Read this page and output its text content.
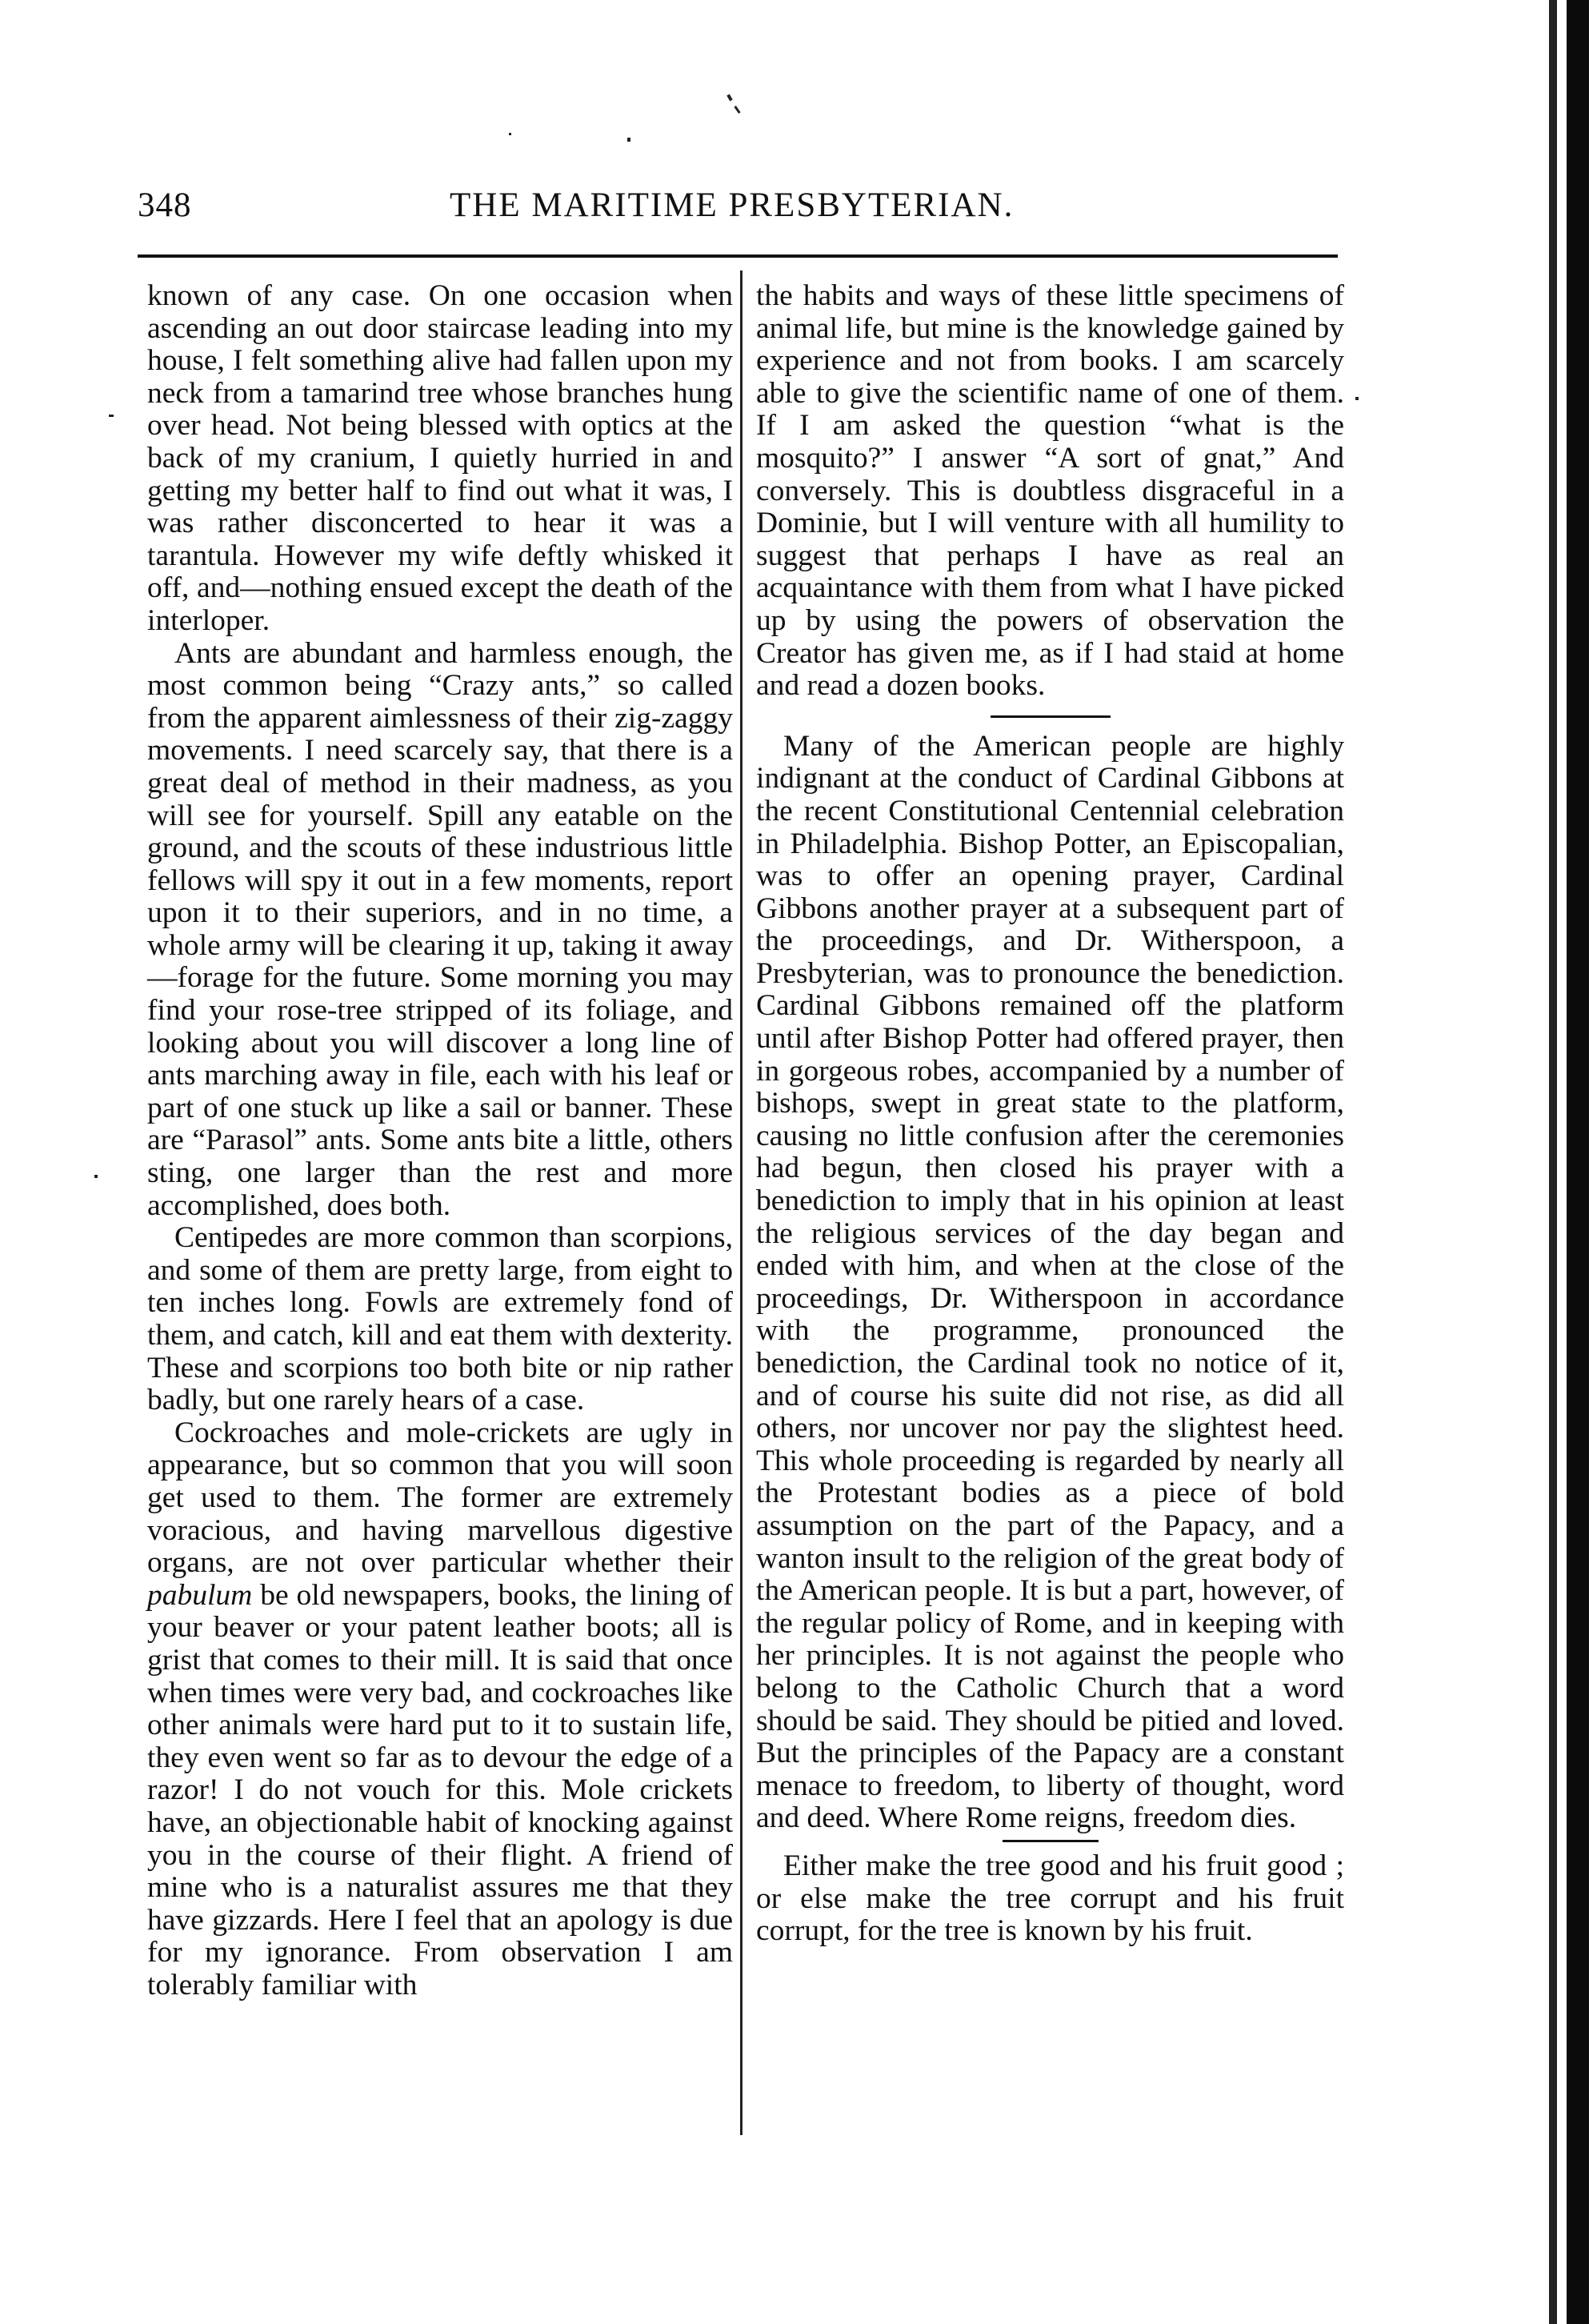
348	THE MARITIME PRESBYTERIAN.

known of any case. On one occasion when ascending an out door staircase leading into my house, I felt something alive had fallen upon my neck from a tamarind tree whose branches hung over head. Not being blessed with optics at the back of my cranium, I quietly hurried in and getting my better half to find out what it was, I was rather disconcerted to hear it was a tarantula. However my wife deftly whisked it off, and—nothing ensued except the death of the interloper.

Ants are abundant and harmless enough, the most common being “Crazy ants,” so called from the apparent aimlessness of their zig-zaggy movements. I need scarcely say, that there is a great deal of method in their madness, as you will see for yourself. Spill any eatable on the ground, and the scouts of these industrious little fellows will spy it out in a few moments, report upon it to their superiors, and in no time, a whole army will be clearing it up, taking it away—forage for the future. Some morning you may find your rose-tree stripped of its foliage, and looking about you will discover a long line of ants marching away in file, each with his leaf or part of one stuck up like a sail or banner. These are “Parasol” ants. Some ants bite a little, others sting, one larger than the rest and more accomplished, does both.

Centipedes are more common than scorpions, and some of them are pretty large, from eight to ten inches long. Fowls are extremely fond of them, and catch, kill and eat them with dexterity. These and scorpions too both bite or nip rather badly, but one rarely hears of a case.

Cockroaches and mole-crickets are ugly in appearance, but so common that you will soon get used to them. The former are extremely voracious, and having marvellous digestive organs, are not over particular whether their pabulum be old newspapers, books, the lining of your beaver or your patent leather boots; all is grist that comes to their mill. It is said that once when times were very bad, and cockroaches like other animals were hard put to it to sustain life, they even went so far as to devour the edge of a razor! I do not vouch for this. Mole crickets have, an objectionable habit of knocking against you in the course of their flight. A friend of mine who is a naturalist assures me that they have gizzards. Here I feel that an apology is due for my ignorance. From observation I am tolerably familiar with

the habits and ways of these little specimens of animal life, but mine is the knowledge gained by experience and not from books. I am scarcely able to give the scientific name of one of them. If I am asked the question “what is the mosquito?” I answer “A sort of gnat,” And conversely. This is doubtless disgraceful in a Dominie, but I will venture with all humility to suggest that perhaps I have as real an acquaintance with them from what I have picked up by using the powers of observation the Creator has given me, as if I had staid at home and read a dozen books.

Many of the American people are highly indignant at the conduct of Cardinal Gibbons at the recent Constitutional Centennial celebration in Philadelphia. Bishop Potter, an Episcopalian, was to offer an opening prayer, Cardinal Gibbons another prayer at a subsequent part of the proceedings, and Dr. Witherspoon, a Presbyterian, was to pronounce the benediction. Cardinal Gibbons remained off the platform until after Bishop Potter had offered prayer, then in gorgeous robes, accompanied by a number of bishops, swept in great state to the platform, causing no little confusion after the ceremonies had begun, then closed his prayer with a benediction to imply that in his opinion at least the religious services of the day began and ended with him, and when at the close of the proceedings, Dr. Witherspoon in accordance with the programme, pronounced the benediction, the Cardinal took no notice of it, and of course his suite did not rise, as did all others, nor uncover nor pay the slightest heed. This whole proceeding is regarded by nearly all the Protestant bodies as a piece of bold assumption on the part of the Papacy, and a wanton insult to the religion of the great body of the American people. It is but a part, however, of the regular policy of Rome, and in keeping with her principles. It is not against the people who belong to the Catholic Church that a word should be said. They should be pitied and loved. But the principles of the Papacy are a constant menace to freedom, to liberty of thought, word and deed. Where Rome reigns, freedom dies.

Either make the tree good and his fruit good ; or else make the tree corrupt and his fruit corrupt, for the tree is known by his fruit.
